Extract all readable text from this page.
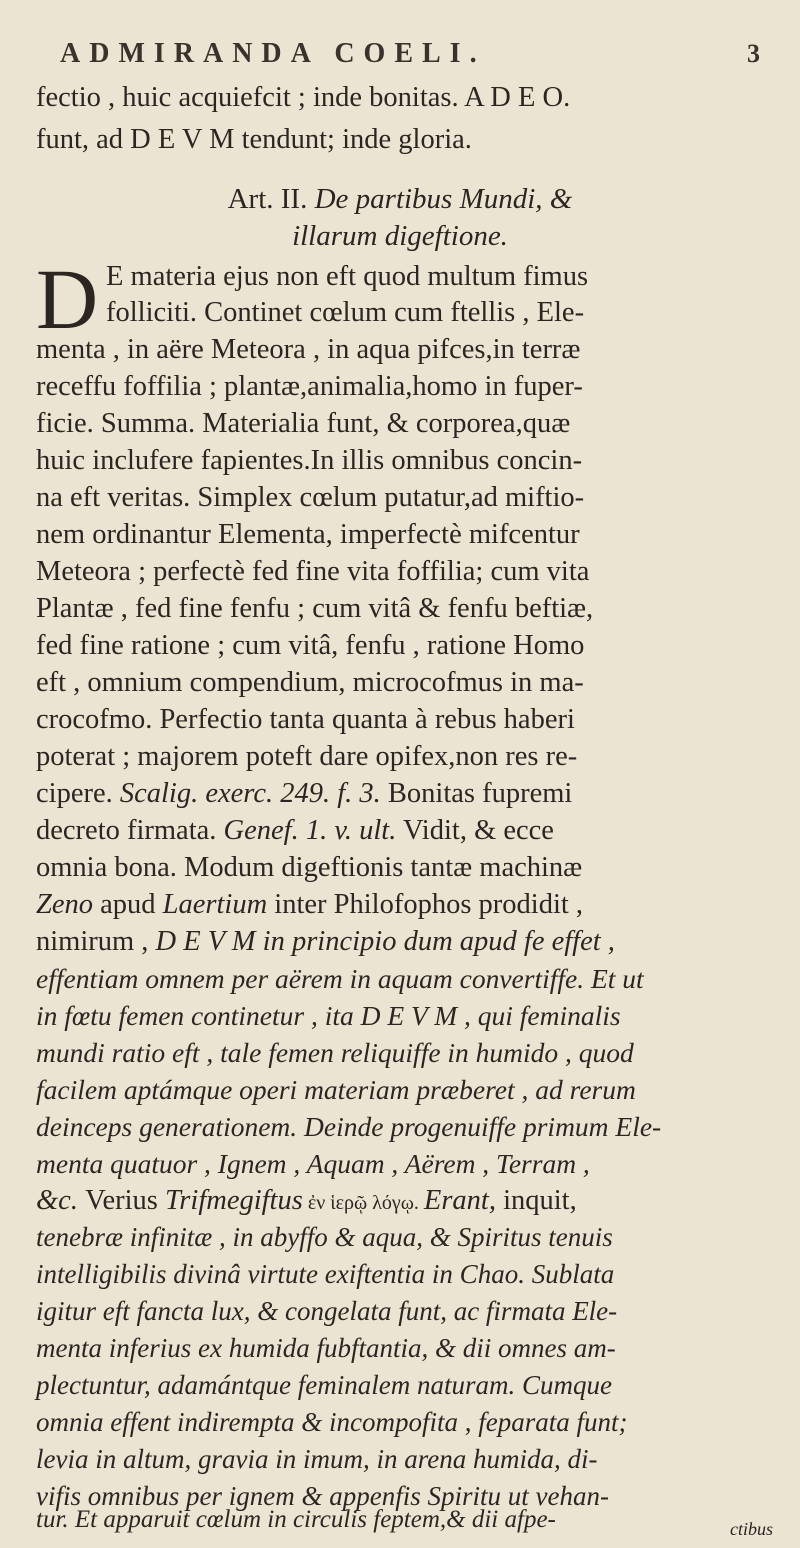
ADMIRANDA COELI.	3
fectio , huic acquiefcit ; inde bonitas. A D E O.
funt, ad D E V M tendunt; inde gloria.
Art. II. De partibus Mundi, &
illarum digeftione.
D E materia ejus non eft quod multum fimus
folliciti. Continet cœlum cum ftellis , Ele-
menta , in aëre Meteora , in aqua pifces,in terræ
receffu foffilia ; plantæ,animalia,homo in fuper-
ficie. Summa. Materialia funt, & corporea,quæ
huic inclufere fapientes.In illis omnibus concin-
na eft veritas. Simplex cœlum putatur,ad miftio-
nem ordinantur Elementa, imperfectè mifcentur
Meteora ; perfectè fed fine vita foffilia; cum vita
Plantæ , fed fine fenfu ; cum vitâ & fenfu beftiæ,
fed fine ratione ; cum vitâ, fenfu , ratione Homo
eft , omnium compendium, microcofmus in ma-
crocofmo. Perfectio tanta quanta à rebus haberi
poterat ; majorem poteft dare opifex,non res re-
cipere. Scalig. exerc. 249. f. 3. Bonitas fupremi
decreto firmata. Genef. 1. v. ult. Vidit, & ecce
omnia bona. Modum digeftionis tantæ machinæ
Zeno apud Laertium inter Philofophos prodidit ,
nimirum , D E V M in principio dum apud fe effet ,
effentiam omnem per aërem in aquam convertiffe. Et ut
in fœtu femen continetur , ita D E V M , qui feminalis
mundi ratio eft , tale femen reliquiffe in humido , quod
facilem aptámque operi materiam præberet , ad rerum
deinceps generationem. Deinde progenuiffe primum Ele-
menta quatuor , Ignem , Aquam , Aërem , Terram ,
&c. Verius Trifmegiftus ἐν ἱερῷ λόγῳ. Erant, inquit,
tenebræ infinitæ , in abyffo & aqua, & Spiritus tenuis
intelligibilis divinâ virtute exiftentia in Chao. Sublata
igitur eft fancta lux, & congelata funt, ac firmata Ele-
menta inferius ex humida fubftantia, & dii omnes am-
plectuntur, adamántque feminalem naturam. Cumque
omnia effent indirempta & incompofita , feparata funt;
levia in altum, gravia in imum, in arena humida, di-
vifis omnibus per ignem & appenfis Spiritu ut vehan-
tur. Et apparuit cœlum in circulis feptem,& dii afpe-	ctibus
